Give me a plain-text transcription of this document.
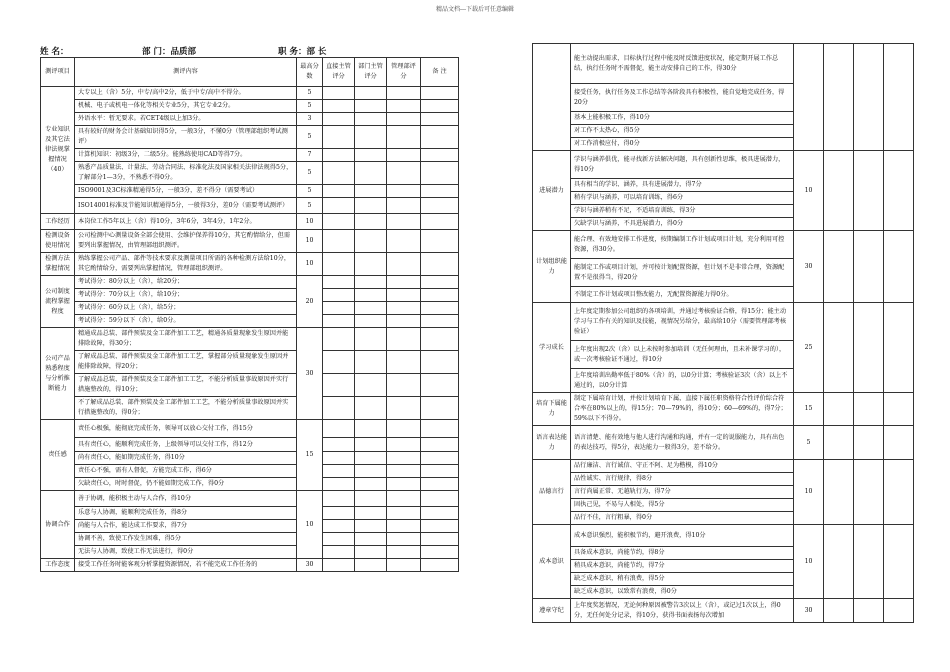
精品文档---下载后可任意编辑
姓 名：	部 门：品质部	职 务：部 长
测评项目	测评内容	最高分数	直接主管评分	部门主管评分	管理部评分	备 注
专业知识及其它法律法规掌握情况（40）	大专以上（含）5分，中专/高中2分，低于中专/高中不得分。	5				
	机械、电子或机电一体化等相关专业5分，其它专业2分。	5				
	外语水平：暂无要求。若CET4级以上加3分。	3				
	具有较好的财务会计基础知识得5分，一般3分，不懂0分（管理部组织考试测评）	5				
	计算机知识：初级3分，二级5分。能熟练使用CAD等得7分。	7				
	熟悉产品质量法、计量法、劳动合同法、标准化法及国家相关法律法规得5分，了解部分1—3分，不熟悉不得0分。	5				
	ISO9001及3C标准精通得5分，一般3分，差不得分（需要考试）	5				
	ISO14001标准及节能知识精通得5分，一般得3分，差0分（需要考试测评）	5				
工作经历	本岗位工作5年以上（含）得10分，3年6分，3年4分，1年2分。	10				
检测设备使用情况	公司检测中心测量设备全部会使用、会维护保养得10分，其它酌情给分，但需要列出掌握情况，由管理部组织测评。	10				
检测方法掌握情况	熟练掌握公司产品、部件等技术要求及测量项目所需的各种检测方法给10分，其它酌情给分，需要列出掌握情况，管理部组织测评。	10				
公司制度流程掌握程度	考试得分：80分以上（含），给20分；	20				
	考试得分：70分以上（含），给10分；					
	考试得分：60分以上（含），给5分；					
	考试得分：59分以下（含），给0分。					
公司产品熟悉程度与分析推断能力	精通成品总装、部件预装及金工部件加工工艺，精通各质量现象发生原因并能排除故障，得30分；	30				
	了解成品总装、部件预装及金工部件加工工艺，掌握部分质量现象发生原因并能排除故障，得20分；					
	了解成品总装、部件预装及金工部件加工工艺，不能分析质量事故原因并实行措施整改的，得10分；					
	不了解成品总装、部件预装及金工部件加工工艺，不能分析质量事故原因并实行措施整改的，得0分；					
责任感	责任心极强，能彻底完成任务，领导可以放心交付工作，得15分	15				
	具有责任心，能顺利完成任务，上级领导可以交付工作，得12分					
	尚有责任心，能如期完成任务，得10分					
	责任心不强，需有人督促，方能完成工作，得6分					
	欠缺责任心，时时督促，仍不能如期完成工作，得0分					
协调合作	善于协调，能积极主动与人合作，得10分	10				
	乐意与人协调，能顺利完成任务，得8分					
	尚能与人合作，能达成工作要求，得7分					
	协调不善，致使工作发生困难，得5分					
	无法与人协调，致使工作无法进行，得0分					
工作态度	接受工作任务时能客观分析掌握资源情况，若不能完成工作任务的	30				
	能主动提出需求，目标执行过程中能及时反馈进度状况，能定期开展工作总结，执行任务时不需督促，能主动安排自己的工作，得30分				
	接受任务，执行任务及工作总结等各阶段具有积极性，能自觉地完成任务，得20分				
	基本上能积极工作，得10分				
	对工作不太热心，得5分				
	对工作消极应付，得0分				
进展潜力	学识与涵养俱优，能寻找新方法解决问题，具有创新性思维，极具进展潜力，得10分	10			
	具有相当的学识、涵养，具有进展潜力，得7分				
	稍有学识与涵养，可以培育训练，得6分				
	学识与涵养稍有不足，不适培育训练，得3分				
	欠缺学识与涵养，不具进展潜力，得0分				
计划组织能力	能合理、有效地安排工作进度，按期编制工作计划或项目计划，充分利用可控资源，得30分。	30			
	能制定工作或项目计划，并可按计划配置资源，但计划不是非常合理，资源配置不是很得当，得20分				
	不制定工作计划或项目整改能力，无配置资源能力得0分。				
学习成长	上年度定期参加公司组织的各项培训，并通过考核验证合格，得15分；能主动学习与工作有关的知识及技能，视情况另给分，最高给10分（需要管理部考核验证）	25			
	上年度出现2次（含）以上未按时参加培训（无任何理由，且未补课学习的），或一次考核验证不通过，得10分				
	上年度培训出勤率低于80%（含）的，以0分计算；考核验证3次（含）以上不通过的，以0分计算				
培育下属能力	制定下属培育计划，并按计划培育下属，直接下属任职资格符合性评价综合符合率在80%以上的，得15分；70—79%的，得10分；60—69%的，得7分；59%以下不得分。	15			
语言表达能力	语言清楚、能有效地与他人进行沟通和沟通，并有一定的说服能力，具有出色的表达技巧，得5分，表达能力一般得3分，差不给分。	5			
品德言行	品行廉洁、言行诚信、守正不阿、足为楷模，得10分	10			
	品性诚实、言行规律，得8分				
	言行尚属正常、无越轨行为，得7分				
	固执己见，不易与人相处，得5分				
	品行不佳，言行粗暴，得0分				
成本意识	成本意识强烈，能积极节约，避开浪费，得10分	10			
	具备成本意识，尚能节约，得8分				
	稍具成本意识，尚能节约，得7分				
	缺乏成本意识，稍有浪费，得5分				
	缺乏成本意识，以致常有浪费，得0分				
遵章守纪	上年度奖惩情况，无论何种原因被警告3次以上（含），或记过1次以上，得0分，无任何处分记录，得10分，获得书面表扬每次增加	30			
